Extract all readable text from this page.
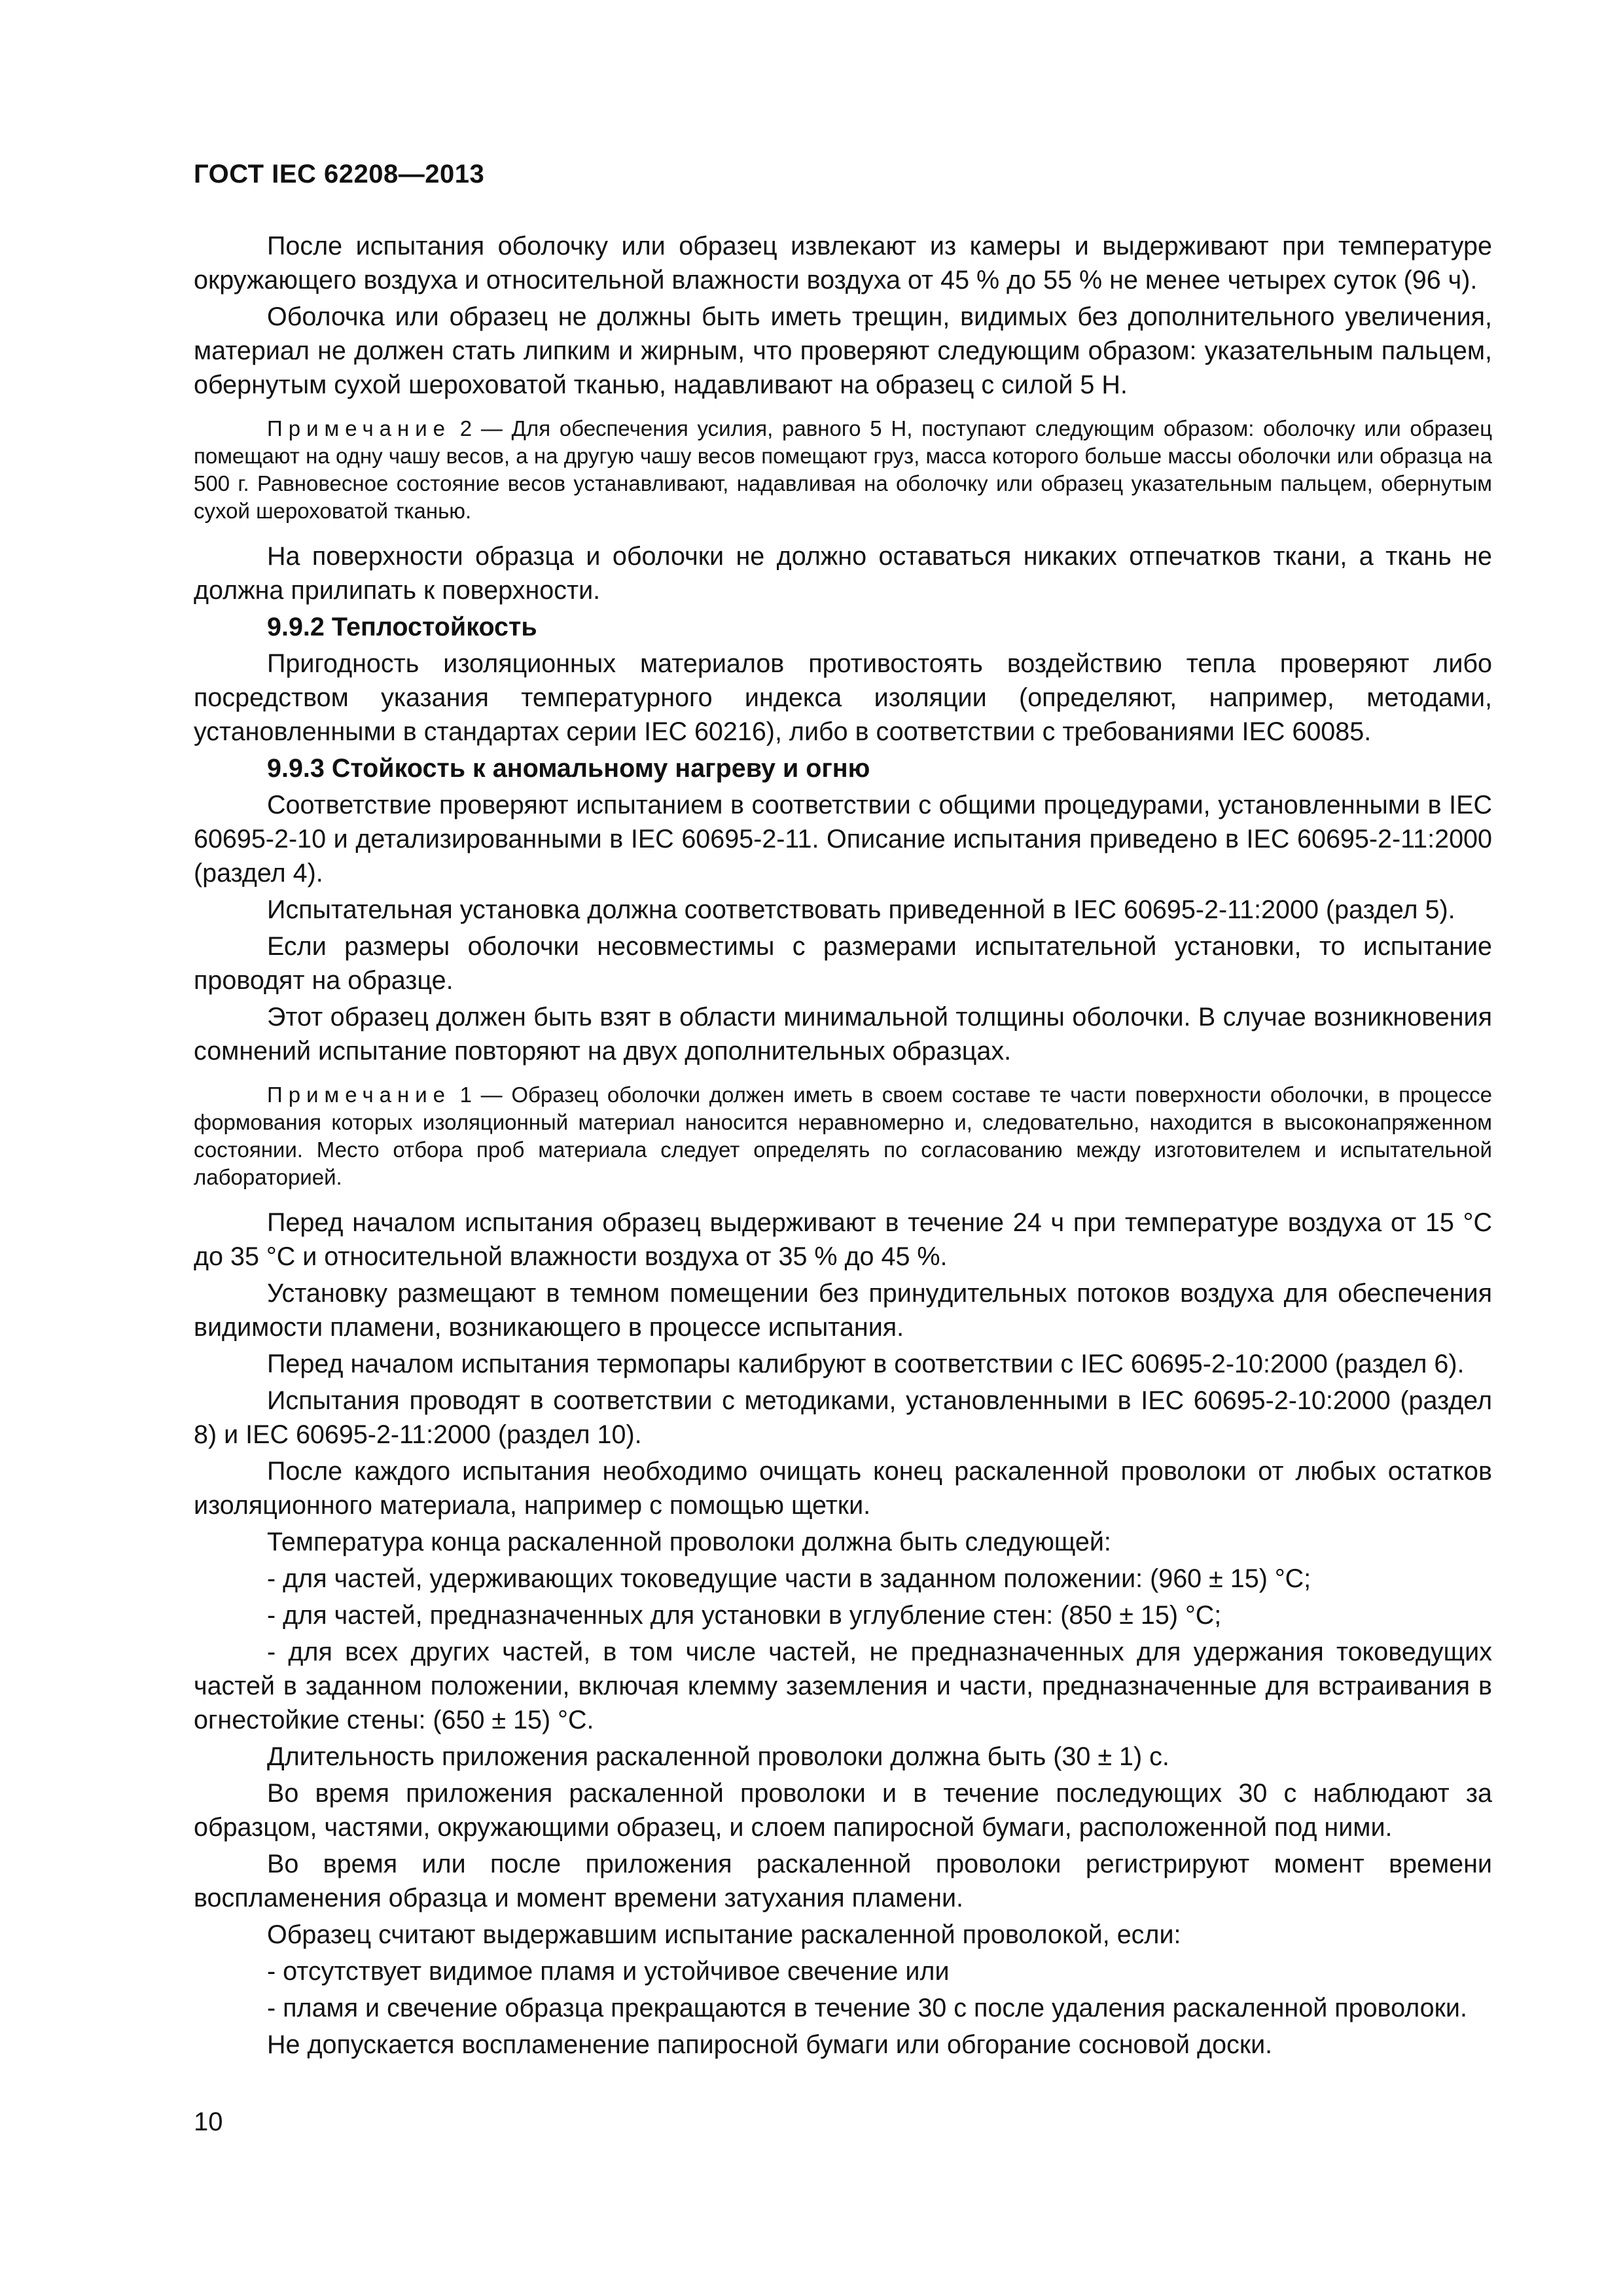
ГОСТ IEC 62208—2013

После испытания оболочку или образец извлекают из камеры и выдерживают при температуре окружающего воздуха и относительной влажности воздуха от 45 % до 55 % не менее четырех суток (96 ч).

Оболочка или образец не должны быть иметь трещин, видимых без дополнительного увеличения, материал не должен стать липким и жирным, что проверяют следующим образом: указательным пальцем, обернутым сухой шероховатой тканью, надавливают на образец с силой 5 Н.

Примечание 2 — Для обеспечения усилия, равного 5 Н, поступают следующим образом: оболочку или образец помещают на одну чашу весов, а на другую чашу весов помещают груз, масса которого больше массы оболочки или образца на 500 г. Равновесное состояние весов устанавливают, надавливая на оболочку или образец указательным пальцем, обернутым сухой шероховатой тканью.

На поверхности образца и оболочки не должно оставаться никаких отпечатков ткани, а ткань не должна прилипать к поверхности.

9.9.2 Теплостойкость

Пригодность изоляционных материалов противостоять воздействию тепла проверяют либо посредством указания температурного индекса изоляции (определяют, например, методами, установленными в стандартах серии IEC 60216), либо в соответствии с требованиями IEC 60085.

9.9.3 Стойкость к аномальному нагреву и огню

Соответствие проверяют испытанием в соответствии с общими процедурами, установленными в IEC 60695-2-10 и детализированными в IEC 60695-2-11. Описание испытания приведено в IEC 60695-2-11:2000 (раздел 4).

Испытательная установка должна соответствовать приведенной в IEC 60695-2-11:2000 (раздел 5).

Если размеры оболочки несовместимы с размерами испытательной установки, то испытание проводят на образце.

Этот образец должен быть взят в области минимальной толщины оболочки. В случае возникновения сомнений испытание повторяют на двух дополнительных образцах.

Примечание 1 — Образец оболочки должен иметь в своем составе те части поверхности оболочки, в процессе формования которых изоляционный материал наносится неравномерно и, следовательно, находится в высоконапряженном состоянии. Место отбора проб материала следует определять по согласованию между изготовителем и испытательной лабораторией.

Перед началом испытания образец выдерживают в течение 24 ч при температуре воздуха от 15 °С до 35 °С и относительной влажности воздуха от 35 % до 45 %.

Установку размещают в темном помещении без принудительных потоков воздуха для обеспечения видимости пламени, возникающего в процессе испытания.

Перед началом испытания термопары калибруют в соответствии с IEC 60695-2-10:2000 (раздел 6).

Испытания проводят в соответствии с методиками, установленными в IEC 60695-2-10:2000 (раздел 8) и IEC 60695-2-11:2000 (раздел 10).

После каждого испытания необходимо очищать конец раскаленной проволоки от любых остатков изоляционного материала, например с помощью щетки.

Температура конца раскаленной проволоки должна быть следующей:

- для частей, удерживающих токоведущие части в заданном положении: (960 ± 15) °С;

- для частей, предназначенных для установки в углубление стен: (850 ± 15) °С;

- для всех других частей, в том числе частей, не предназначенных для удержания токоведущих частей в заданном положении, включая клемму заземления и части, предназначенные для встраивания в огнестойкие стены: (650 ± 15) °С.

Длительность приложения раскаленной проволоки должна быть (30 ± 1) с.

Во время приложения раскаленной проволоки и в течение последующих 30 с наблюдают за образцом, частями, окружающими образец, и слоем папиросной бумаги, расположенной под ними.

Во время или после приложения раскаленной проволоки регистрируют момент времени воспламенения образца и момент времени затухания пламени.

Образец считают выдержавшим испытание раскаленной проволокой, если:

- отсутствует видимое пламя и устойчивое свечение или

- пламя и свечение образца прекращаются в течение 30 с после удаления раскаленной проволоки.

Не допускается воспламенение папиросной бумаги или обгорание сосновой доски.

10
